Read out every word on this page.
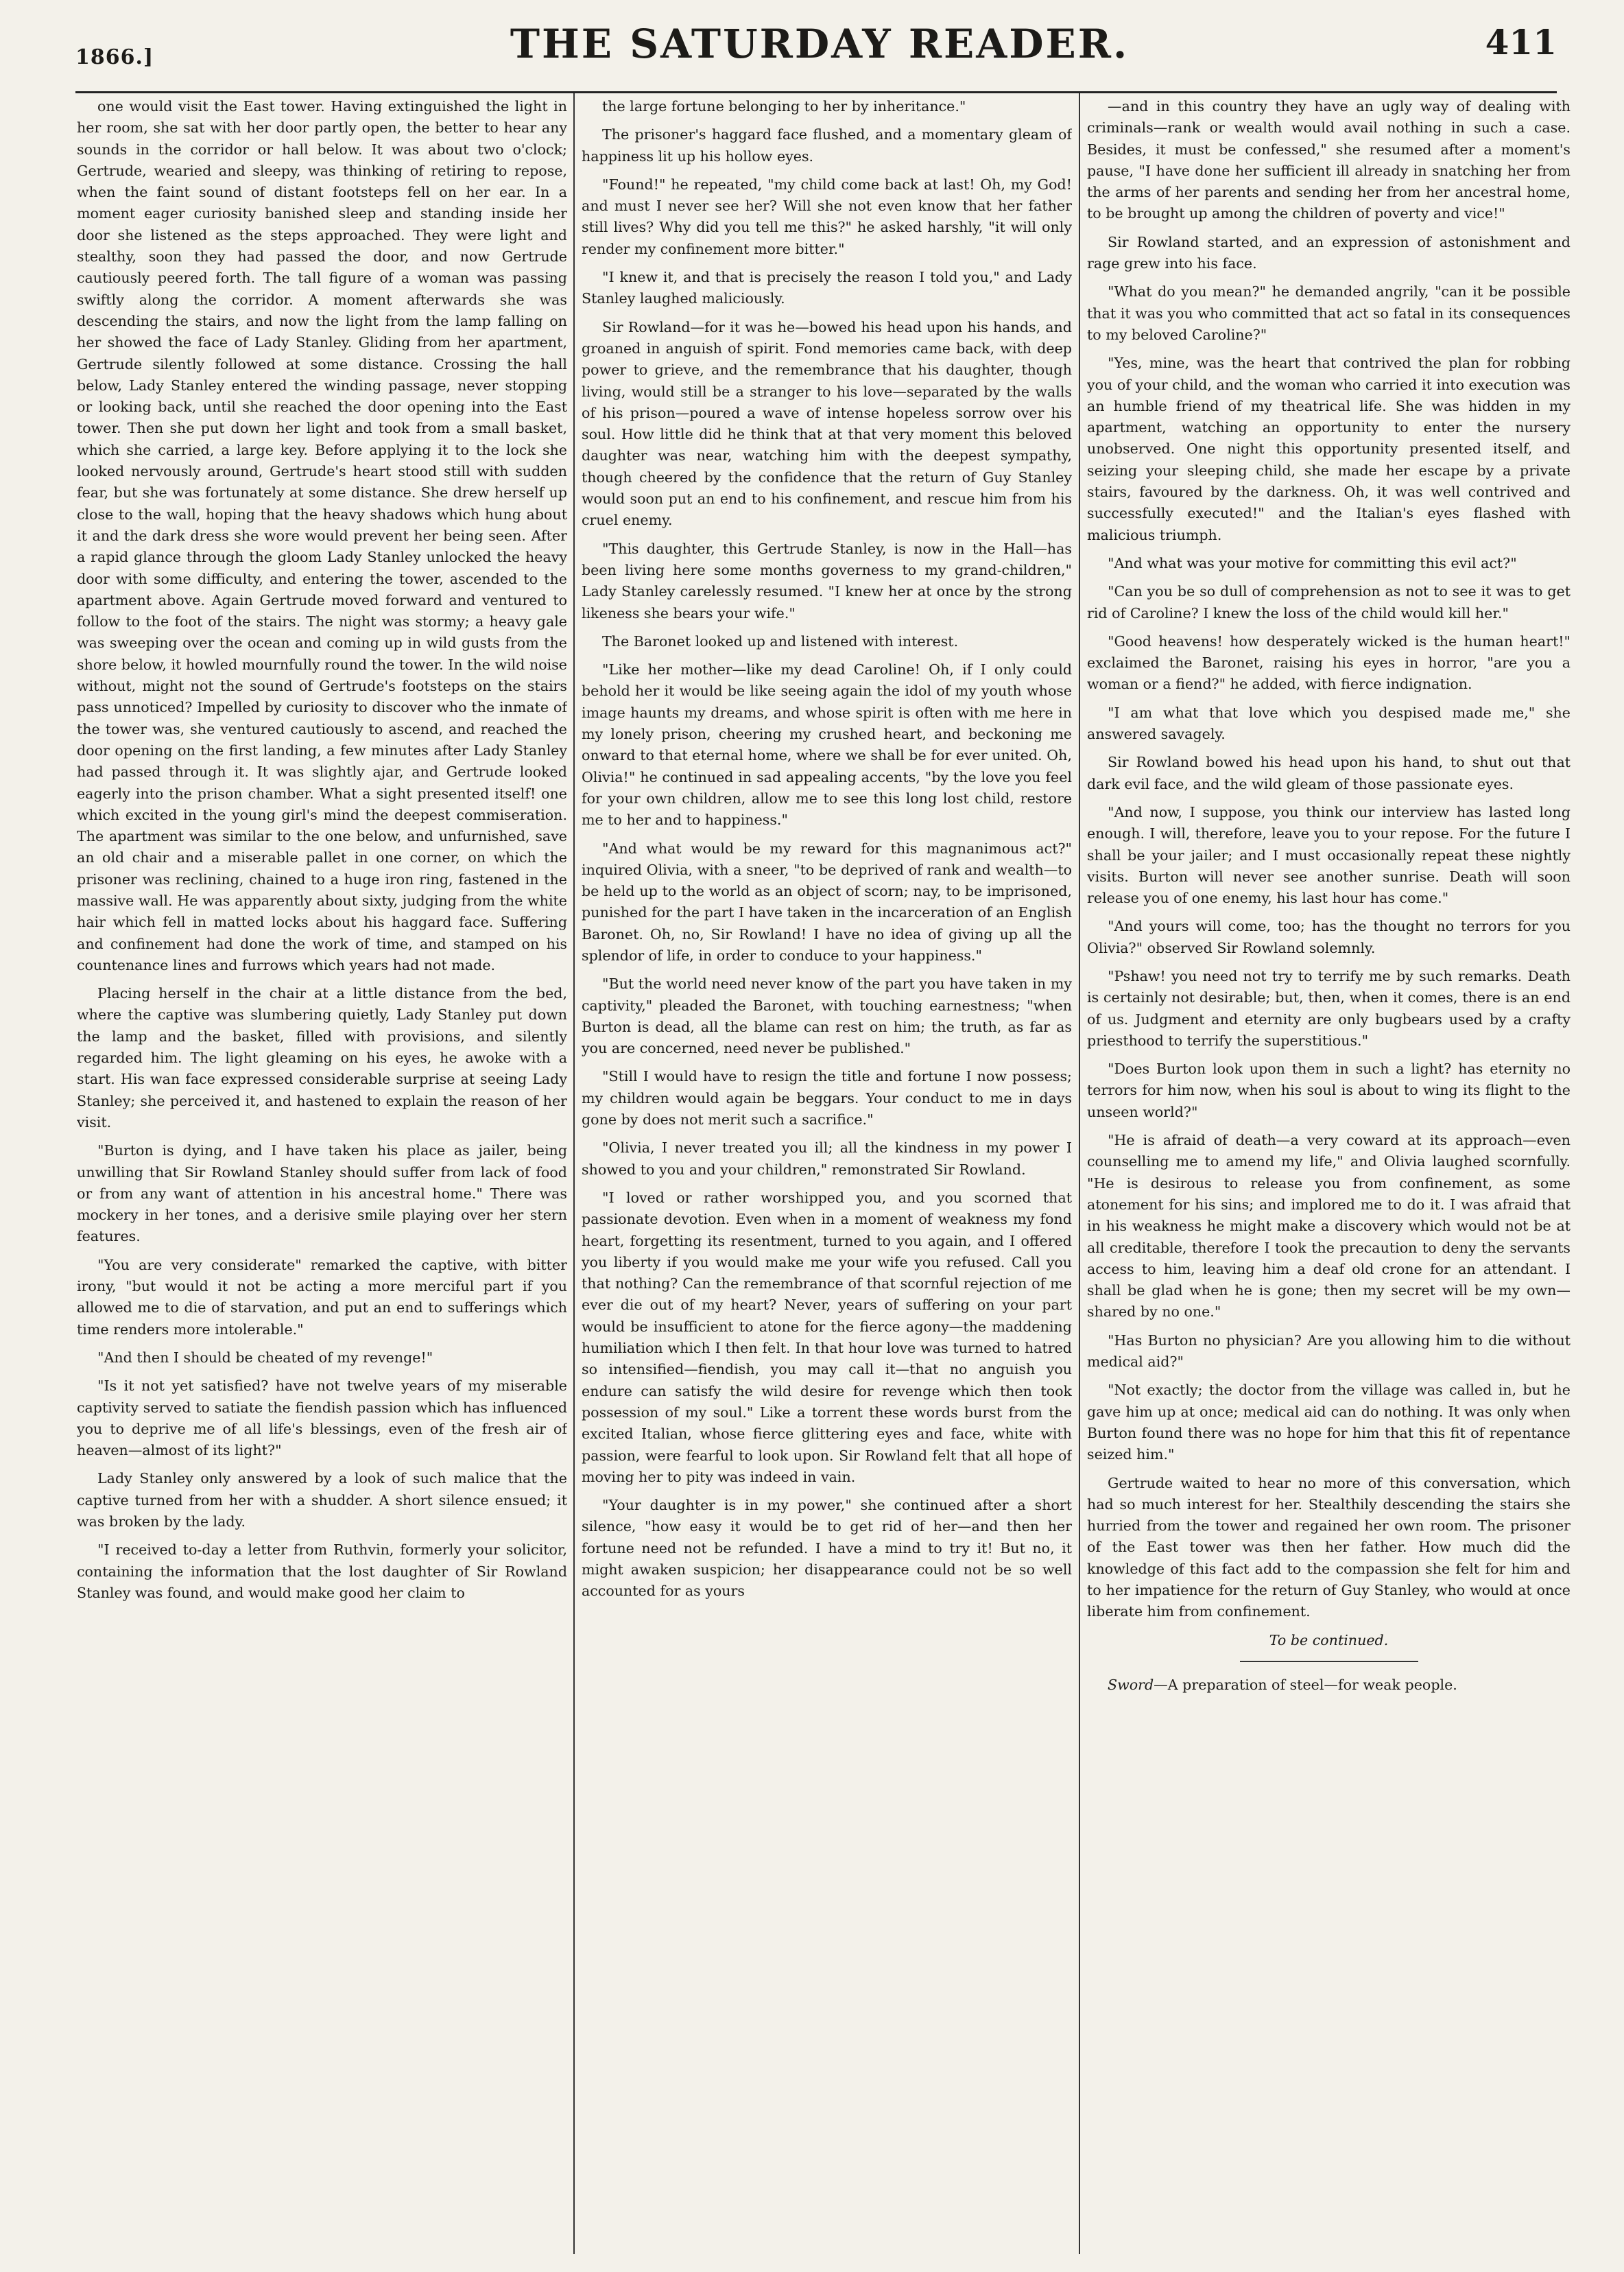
1866.]	THE SATURDAY READER.	411

one would visit the East tower. Having extinguished the light in her room, she sat with her door partly open, the better to hear any sounds in the corridor or hall below. It was about two o'clock; Gertrude, wearied and sleepy, was thinking of retiring to repose, when the faint sound of distant footsteps fell on her ear. In a moment eager curiosity banished sleep and standing inside her door she listened as the steps approached. They were light and stealthy, soon they had passed the door, and now Gertrude cautiously peered forth. The tall figure of a woman was passing swiftly along the corridor. A moment afterwards she was descending the stairs, and now the light from the lamp falling on her showed the face of Lady Stanley. Gliding from her apartment, Gertrude silently followed at some distance. Crossing the hall below, Lady Stanley entered the winding passage, never stopping or looking back, until she reached the door opening into the East tower. Then she put down her light and took from a small basket, which she carried, a large key. Before applying it to the lock she looked nervously around, Gertrude's heart stood still with sudden fear, but she was fortunately at some distance. She drew herself up close to the wall, hoping that the heavy shadows which hung about it and the dark dress she wore would prevent her being seen. After a rapid glance through the gloom Lady Stanley unlocked the heavy door with some difficulty, and entering the tower, ascended to the apartment above. Again Gertrude moved forward and ventured to follow to the foot of the stairs. The night was stormy; a heavy gale was sweeping over the ocean and coming up in wild gusts from the shore below, it howled mournfully round the tower. In the wild noise without, might not the sound of Gertrude's footsteps on the stairs pass unnoticed? Impelled by curiosity to discover who the inmate of the tower was, she ventured cautiously to ascend, and reached the door opening on the first landing, a few minutes after Lady Stanley had passed through it. It was slightly ajar, and Gertrude looked eagerly into the prison chamber. What a sight presented itself! one which excited in the young girl's mind the deepest commiseration. The apartment was similar to the one below, and unfurnished, save an old chair and a miserable pallet in one corner, on which the prisoner was reclining, chained to a huge iron ring, fastened in the massive wall. He was apparently about sixty, judging from the white hair which fell in matted locks about his haggard face. Suffering and confinement had done the work of time, and stamped on his countenance lines and furrows which years had not made.

Placing herself in the chair at a little distance from the bed, where the captive was slumbering quietly, Lady Stanley put down the lamp and the basket, filled with provisions, and silently regarded him. The light gleaming on his eyes, he awoke with a start. His wan face expressed considerable surprise at seeing Lady Stanley; she perceived it, and hastened to explain the reason of her visit.

"Burton is dying, and I have taken his place as jailer, being unwilling that Sir Rowland Stanley should suffer from lack of food or from any want of attention in his ancestral home." There was mockery in her tones, and a derisive smile playing over her stern features.

"You are very considerate" remarked the captive, with bitter irony, "but would it not be acting a more merciful part if you allowed me to die of starvation, and put an end to sufferings which time renders more intolerable."

"And then I should be cheated of my revenge!"

"Is it not yet satisfied? have not twelve years of my miserable captivity served to satiate the fiendish passion which has influenced you to deprive me of all life's blessings, even of the fresh air of heaven—almost of its light?"

Lady Stanley only answered by a look of such malice that the captive turned from her with a shudder. A short silence ensued; it was broken by the lady.

"I received to-day a letter from Ruthvin, formerly your solicitor, containing the information that the lost daughter of Sir Rowland Stanley was found, and would make good her claim to

the large fortune belonging to her by inheritance."

The prisoner's haggard face flushed, and a momentary gleam of happiness lit up his hollow eyes.

"Found!" he repeated, "my child come back at last! Oh, my God! and must I never see her? Will she not even know that her father still lives? Why did you tell me this?" he asked harshly, "it will only render my confinement more bitter."

"I knew it, and that is precisely the reason I told you," and Lady Stanley laughed maliciously.

Sir Rowland—for it was he—bowed his head upon his hands, and groaned in anguish of spirit. Fond memories came back, with deep power to grieve, and the remembrance that his daughter, though living, would still be a stranger to his love—separated by the walls of his prison—poured a wave of intense hopeless sorrow over his soul. How little did he think that at that very moment this beloved daughter was near, watching him with the deepest sympathy, though cheered by the confidence that the return of Guy Stanley would soon put an end to his confinement, and rescue him from his cruel enemy.

"This daughter, this Gertrude Stanley, is now in the Hall—has been living here some months governess to my grand-children," Lady Stanley carelessly resumed. "I knew her at once by the strong likeness she bears your wife."

The Baronet looked up and listened with interest.

"Like her mother—like my dead Caroline! Oh, if I only could behold her it would be like seeing again the idol of my youth whose image haunts my dreams, and whose spirit is often with me here in my lonely prison, cheering my crushed heart, and beckoning me onward to that eternal home, where we shall be for ever united. Oh, Olivia!" he continued in sad appealing accents, "by the love you feel for your own children, allow me to see this long lost child, restore me to her and to happiness."

"And what would be my reward for this magnanimous act?" inquired Olivia, with a sneer, "to be deprived of rank and wealth—to be held up to the world as an object of scorn; nay, to be imprisoned, punished for the part I have taken in the incarceration of an English Baronet. Oh, no, Sir Rowland! I have no idea of giving up all the splendor of life, in order to conduce to your happiness."

"But the world need never know of the part you have taken in my captivity," pleaded the Baronet, with touching earnestness; "when Burton is dead, all the blame can rest on him; the truth, as far as you are concerned, need never be published."

"Still I would have to resign the title and fortune I now possess; my children would again be beggars. Your conduct to me in days gone by does not merit such a sacrifice."

"Olivia, I never treated you ill; all the kindness in my power I showed to you and your children," remonstrated Sir Rowland.

"I loved or rather worshipped you, and you scorned that passionate devotion. Even when in a moment of weakness my fond heart, forgetting its resentment, turned to you again, and I offered you liberty if you would make me your wife you refused. Call you that nothing? Can the remembrance of that scornful rejection of me ever die out of my heart? Never, years of suffering on your part would be insufficient to atone for the fierce agony—the maddening humiliation which I then felt. In that hour love was turned to hatred so intensified—fiendish, you may call it—that no anguish you endure can satisfy the wild desire for revenge which then took possession of my soul." Like a torrent these words burst from the excited Italian, whose fierce glittering eyes and face, white with passion, were fearful to look upon. Sir Rowland felt that all hope of moving her to pity was indeed in vain.

"Your daughter is in my power," she continued after a short silence, "how easy it would be to get rid of her—and then her fortune need not be refunded. I have a mind to try it! But no, it might awaken suspicion; her disappearance could not be so well accounted for as yours

—and in this country they have an ugly way of dealing with criminals—rank or wealth would avail nothing in such a case. Besides, it must be confessed," she resumed after a moment's pause, "I have done her sufficient ill already in snatching her from the arms of her parents and sending her from her ancestral home, to be brought up among the children of poverty and vice!"

Sir Rowland started, and an expression of astonishment and rage grew into his face.

"What do you mean?" he demanded angrily, "can it be possible that it was you who committed that act so fatal in its consequences to my beloved Caroline?"

"Yes, mine, was the heart that contrived the plan for robbing you of your child, and the woman who carried it into execution was an humble friend of my theatrical life. She was hidden in my apartment, watching an opportunity to enter the nursery unobserved. One night this opportunity presented itself, and seizing your sleeping child, she made her escape by a private stairs, favoured by the darkness. Oh, it was well contrived and successfully executed!" and the Italian's eyes flashed with malicious triumph.

"And what was your motive for committing this evil act?"

"Can you be so dull of comprehension as not to see it was to get rid of Caroline? I knew the loss of the child would kill her."

"Good heavens! how desperately wicked is the human heart!" exclaimed the Baronet, raising his eyes in horror, "are you a woman or a fiend?" he added, with fierce indignation.

"I am what that love which you despised made me," she answered savagely.

Sir Rowland bowed his head upon his hand, to shut out that dark evil face, and the wild gleam of those passionate eyes.

"And now, I suppose, you think our interview has lasted long enough. I will, therefore, leave you to your repose. For the future I shall be your jailer; and I must occasionally repeat these nightly visits. Burton will never see another sunrise. Death will soon release you of one enemy, his last hour has come."

"And yours will come, too; has the thought no terrors for you Olivia?" observed Sir Rowland solemnly.

"Pshaw! you need not try to terrify me by such remarks. Death is certainly not desirable; but, then, when it comes, there is an end of us. Judgment and eternity are only bugbears used by a crafty priesthood to terrify the superstitious."

"Does Burton look upon them in such a light? has eternity no terrors for him now, when his soul is about to wing its flight to the unseen world?"

"He is afraid of death—a very coward at its approach—even counselling me to amend my life," and Olivia laughed scornfully. "He is desirous to release you from confinement, as some atonement for his sins; and implored me to do it. I was afraid that in his weakness he might make a discovery which would not be at all creditable, therefore I took the precaution to deny the servants access to him, leaving him a deaf old crone for an attendant. I shall be glad when he is gone; then my secret will be my own—shared by no one."

"Has Burton no physician? Are you allowing him to die without medical aid?"

"Not exactly; the doctor from the village was called in, but he gave him up at once; medical aid can do nothing. It was only when Burton found there was no hope for him that this fit of repentance seized him."

Gertrude waited to hear no more of this conversation, which had so much interest for her. Stealthily descending the stairs she hurried from the tower and regained her own room. The prisoner of the East tower was then her father. How much did the knowledge of this fact add to the compassion she felt for him and to her impatience for the return of Guy Stanley, who would at once liberate him from confinement.

To be continued.

Sword—A preparation of steel—for weak people.
